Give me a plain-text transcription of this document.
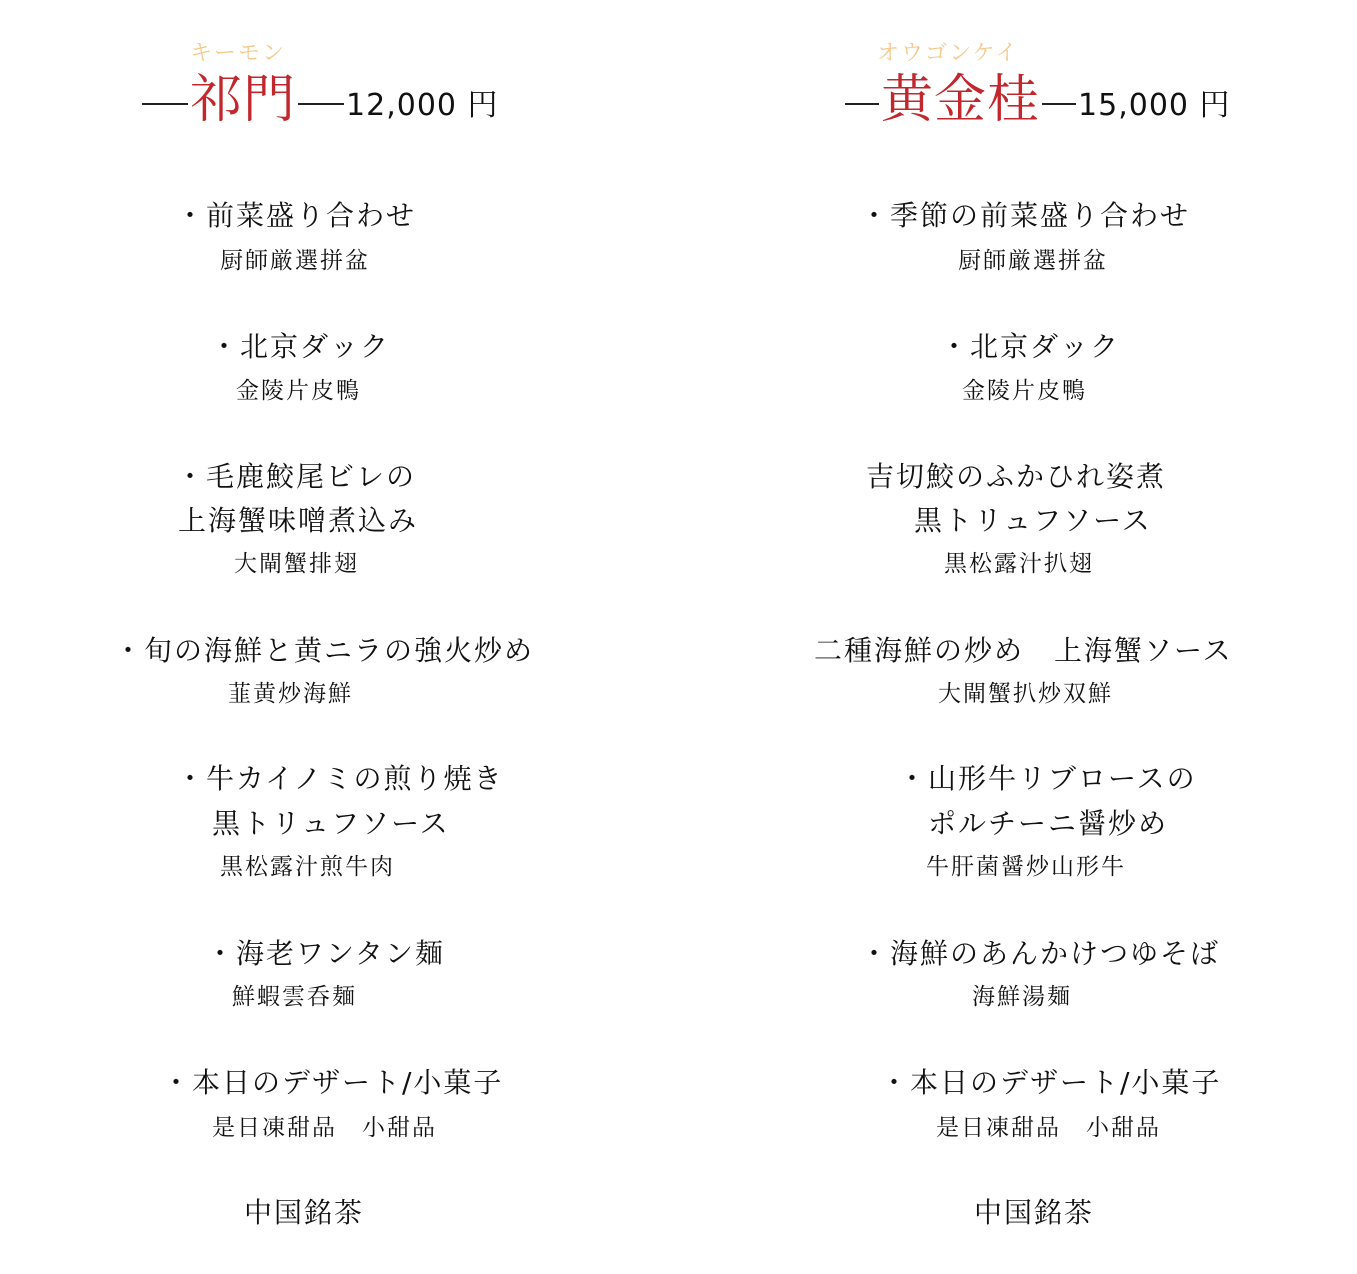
キーモン
祁門 12,000 円
・前菜盛り合わせ
厨師厳選拼盆
・北京ダック
金陵片皮鴨
・毛鹿鮫尾ビレの
上海蟹味噌煮込み
大閘蟹排翅
・旬の海鮮と黄ニラの強火炒め
韮黄炒海鮮
・牛カイノミの煎り焼き
黒トリュフソース
黒松露汁煎牛肉
・海老ワンタン麺
鮮蝦雲呑麺
・本日のデザート/小菓子
是日凍甜品　小甜品
中国銘茶
オウゴンケイ
黄金桂 15,000 円
・季節の前菜盛り合わせ
厨師厳選拼盆
・北京ダック
金陵片皮鴨
吉切鮫のふかひれ姿煮
黒トリュフソース
黒松露汁扒翅
二種海鮮の炒め　上海蟹ソース
大閘蟹扒炒双鮮
・山形牛リブロースの
ポルチーニ醤炒め
牛肝菌醤炒山形牛
・海鮮のあんかけつゆそば
海鮮湯麺
・本日のデザート/小菓子
是日凍甜品　小甜品
中国銘茶
